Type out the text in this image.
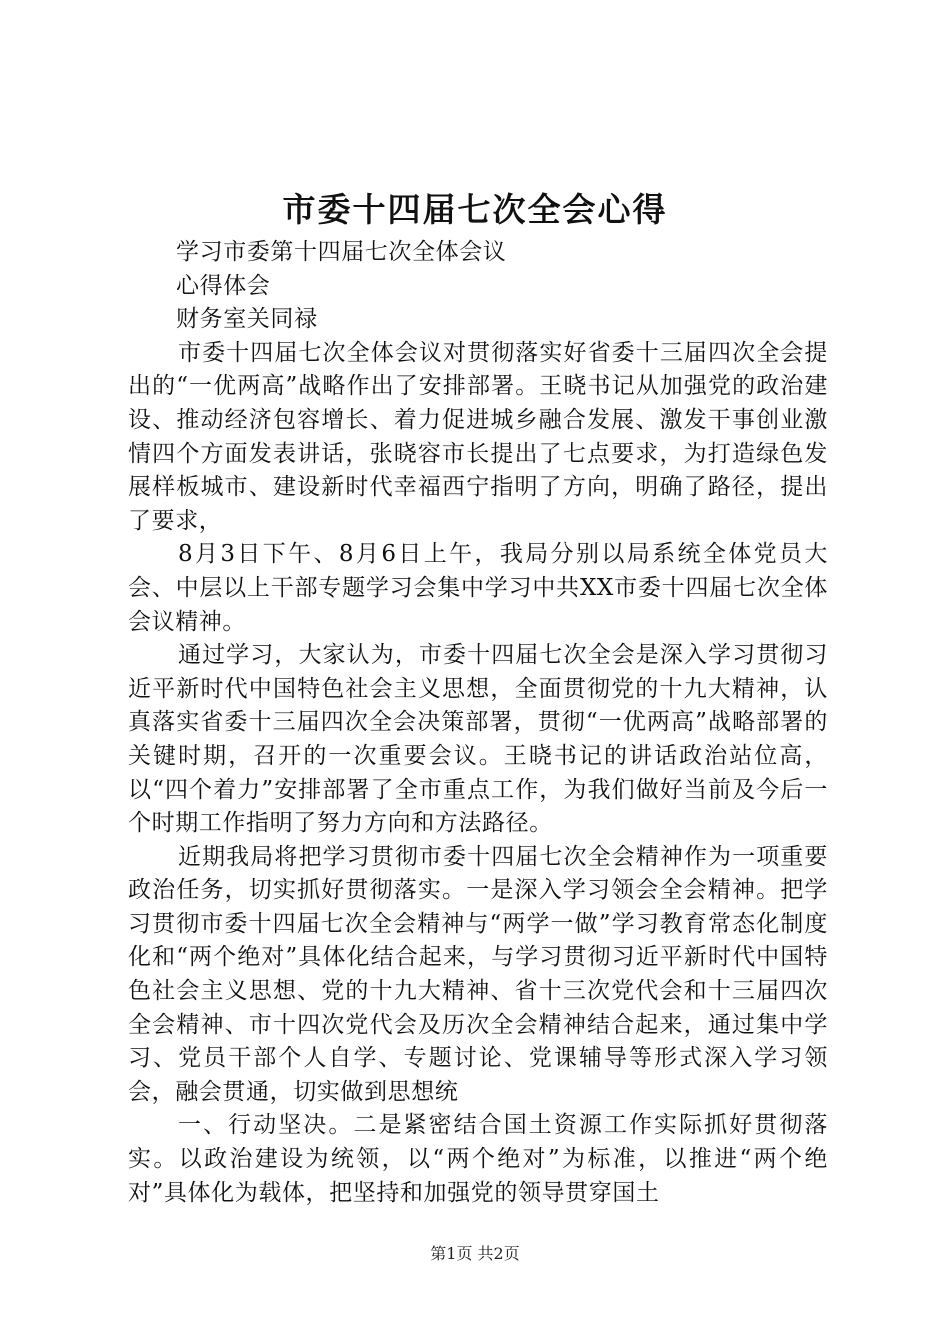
市委十四届七次全会心得

学习市委第十四届七次全体会议

心得体会

财务室关同禄

市委十四届七次全体会议对贯彻落实好省委十三届四次全会提出的“一优两高”战略作出了安排部署。王晓书记从加强党的政治建设、推动经济包容增长、着力促进城乡融合发展、激发干事创业激情四个方面发表讲话，张晓容市长提出了七点要求，为打造绿色发展样板城市、建设新时代幸福西宁指明了方向，明确了路径，提出了要求，

8月3日下午、8月6日上午，我局分别以局系统全体党员大会、中层以上干部专题学习会集中学习中共XX市委十四届七次全体会议精神。

通过学习，大家认为，市委十四届七次全会是深入学习贯彻习近平新时代中国特色社会主义思想，全面贯彻党的十九大精神，认真落实省委十三届四次全会决策部署，贯彻“一优两高”战略部署的关键时期，召开的一次重要会议。王晓书记的讲话政治站位高，以“四个着力”安排部署了全市重点工作，为我们做好当前及今后一个时期工作指明了努力方向和方法路径。

近期我局将把学习贯彻市委十四届七次全会精神作为一项重要政治任务，切实抓好贯彻落实。一是深入学习领会全会精神。把学习贯彻市委十四届七次全会精神与“两学一做”学习教育常态化制度化和“两个绝对”具体化结合起来，与学习贯彻习近平新时代中国特色社会主义思想、党的十九大精神、省十三次党代会和十三届四次全会精神、市十四次党代会及历次全会精神结合起来，通过集中学习、党员干部个人自学、专题讨论、党课辅导等形式深入学习领会，融会贯通，切实做到思想统

一、行动坚决。二是紧密结合国土资源工作实际抓好贯彻落实。以政治建设为统领，以“两个绝对”为标准，以推进“两个绝对”具体化为载体，把坚持和加强党的领导贯穿国土

第1页 共2页
